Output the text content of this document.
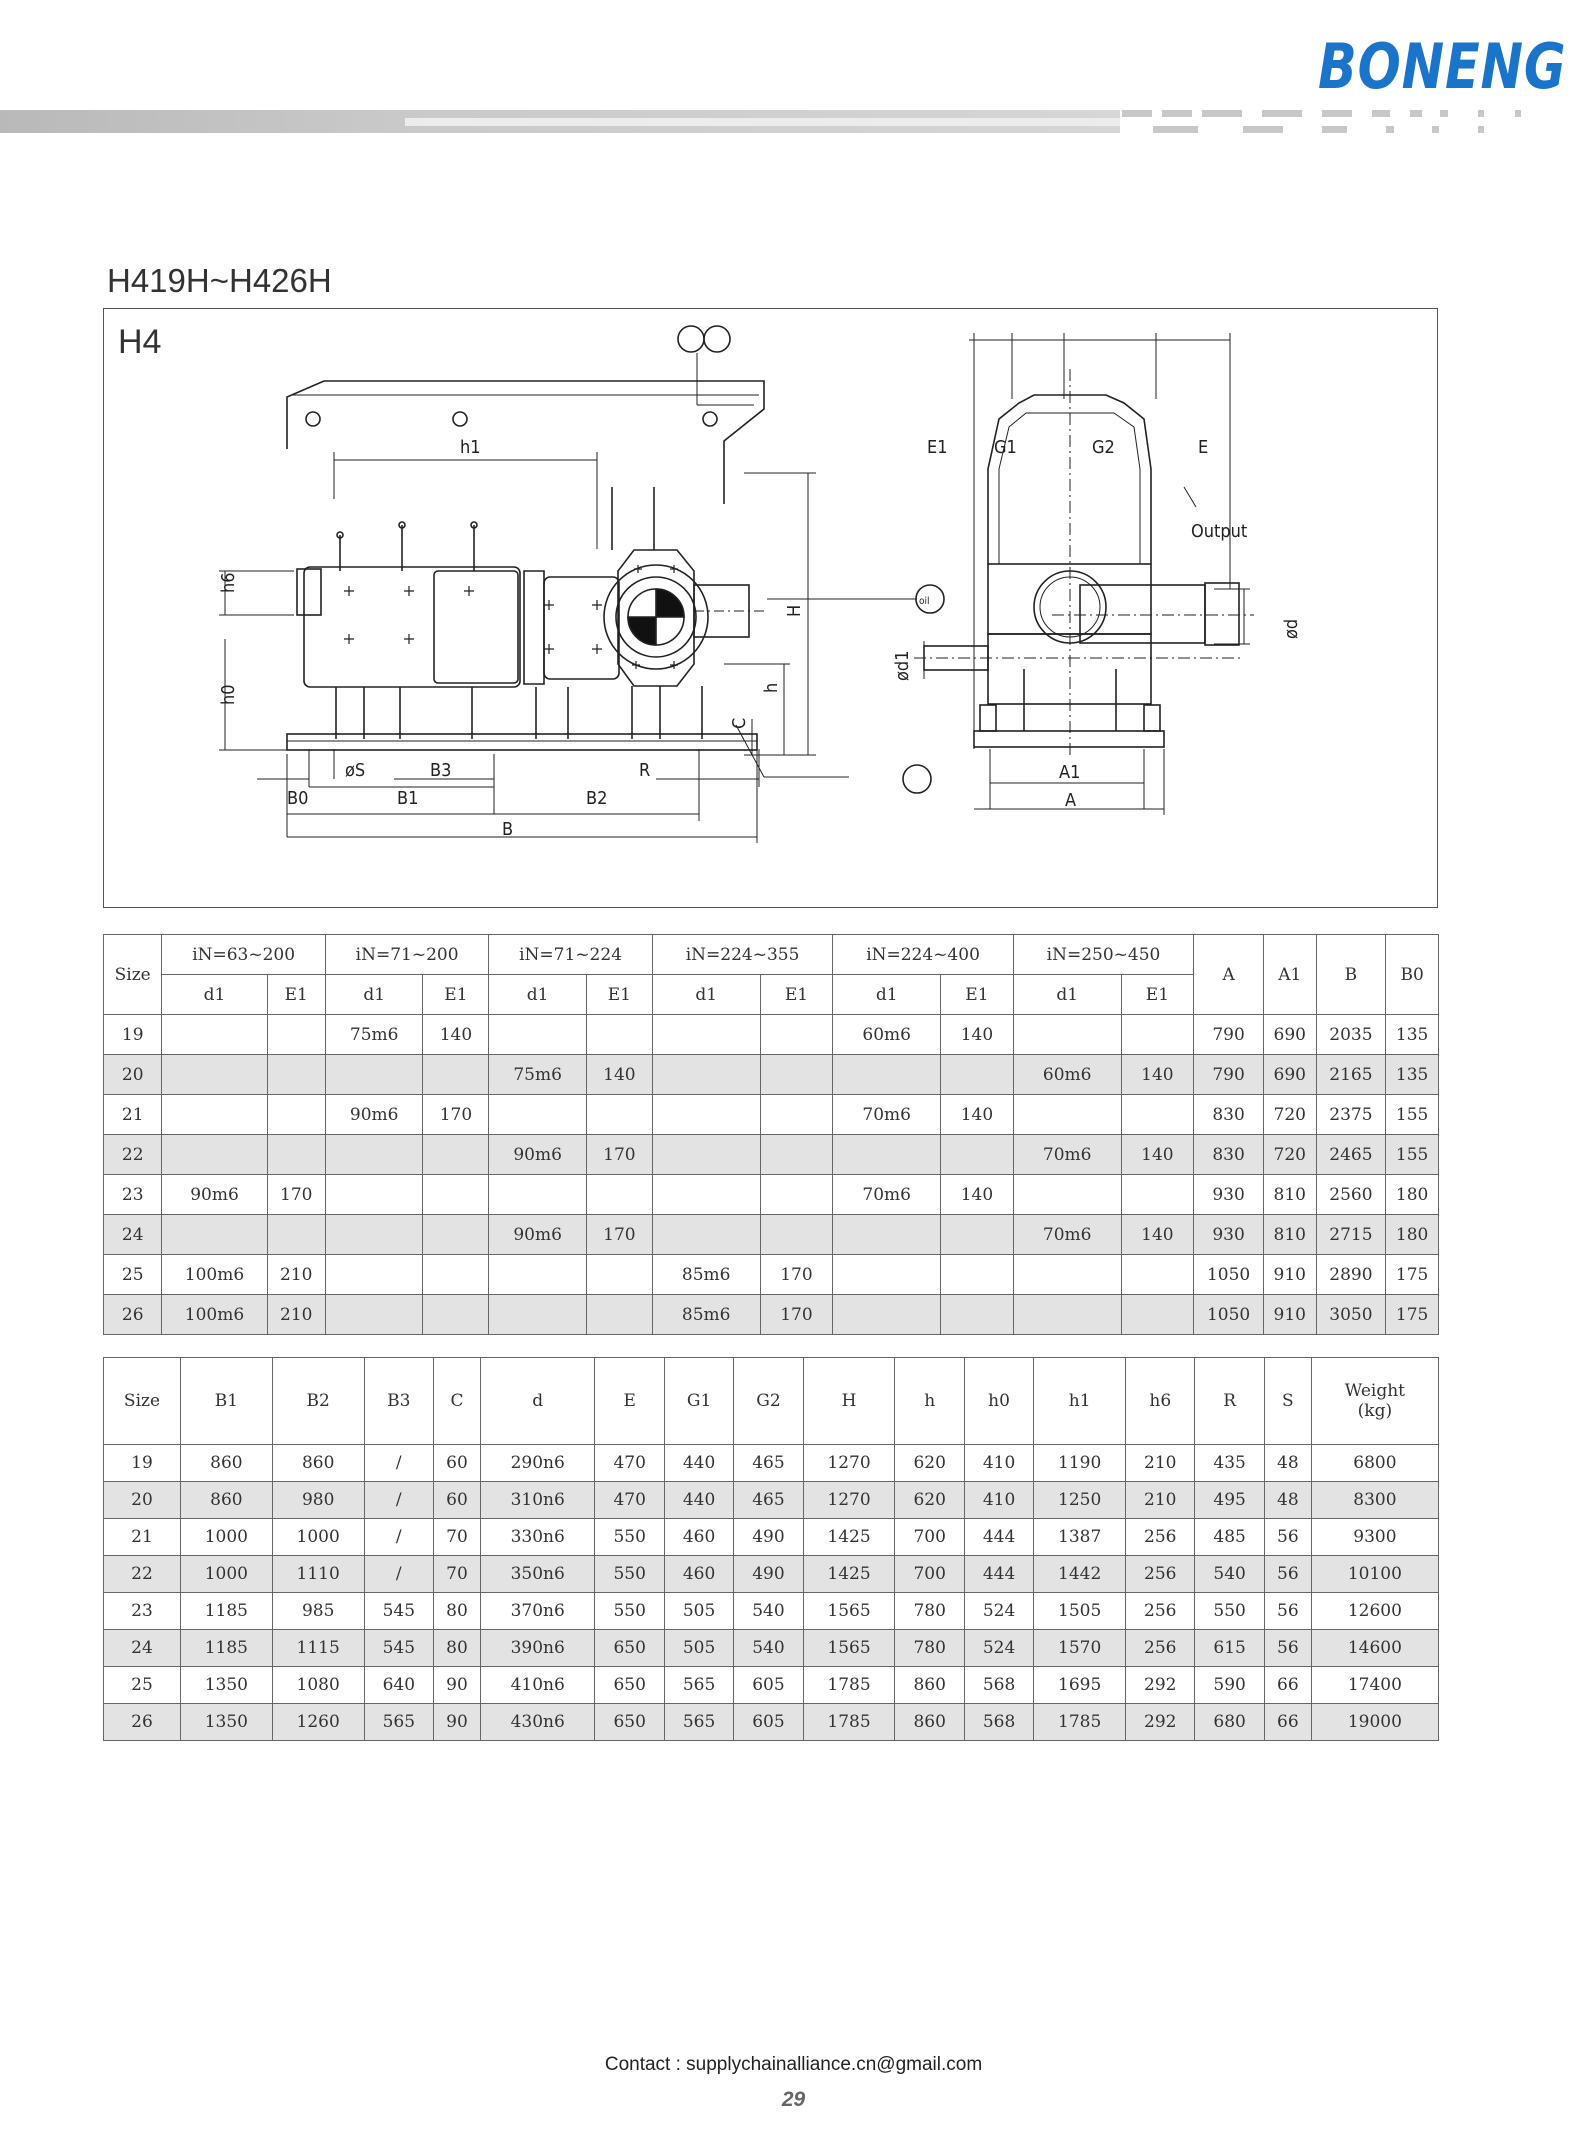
BONENG
H419H~H426H
H4
h1
h6
h0
H
h
C
øS	B3	R
B0	B1	B2
B
E1	G1	G2	E
Output
ød
ød1
A1
A
oil
Size	iN=63~200		iN=71~200		iN=71~224		iN=224~355		iN=224~400		iN=250~450		A	A1	B	B0
	d1	E1	d1	E1	d1	E1	d1	E1	d1	E1	d1	E1				
19			75m6	140					60m6	140			790	690	2035	135
20					75m6	140					60m6	140	790	690	2165	135
21			90m6	170					70m6	140			830	720	2375	155
22					90m6	170					70m6	140	830	720	2465	155
23	90m6	170							70m6	140			930	810	2560	180
24					90m6	170					70m6	140	930	810	2715	180
25	100m6	210					85m6	170					1050	910	2890	175
26	100m6	210					85m6	170					1050	910	3050	175
Size	B1	B2	B3	C	d	E	G1	G2	H	h	h0	h1	h6	R	S	Weight
(kg)
19	860	860	/	60	290n6	470	440	465	1270	620	410	1190	210	435	48	6800
20	860	980	/	60	310n6	470	440	465	1270	620	410	1250	210	495	48	8300
21	1000	1000	/	70	330n6	550	460	490	1425	700	444	1387	256	485	56	9300
22	1000	1110	/	70	350n6	550	460	490	1425	700	444	1442	256	540	56	10100
23	1185	985	545	80	370n6	550	505	540	1565	780	524	1505	256	550	56	12600
24	1185	1115	545	80	390n6	650	505	540	1565	780	524	1570	256	615	56	14600
25	1350	1080	640	90	410n6	650	565	605	1785	860	568	1695	292	590	66	17400
26	1350	1260	565	90	430n6	650	565	605	1785	860	568	1785	292	680	66	19000
Contact : supplychainalliance.cn@gmail.com
29
